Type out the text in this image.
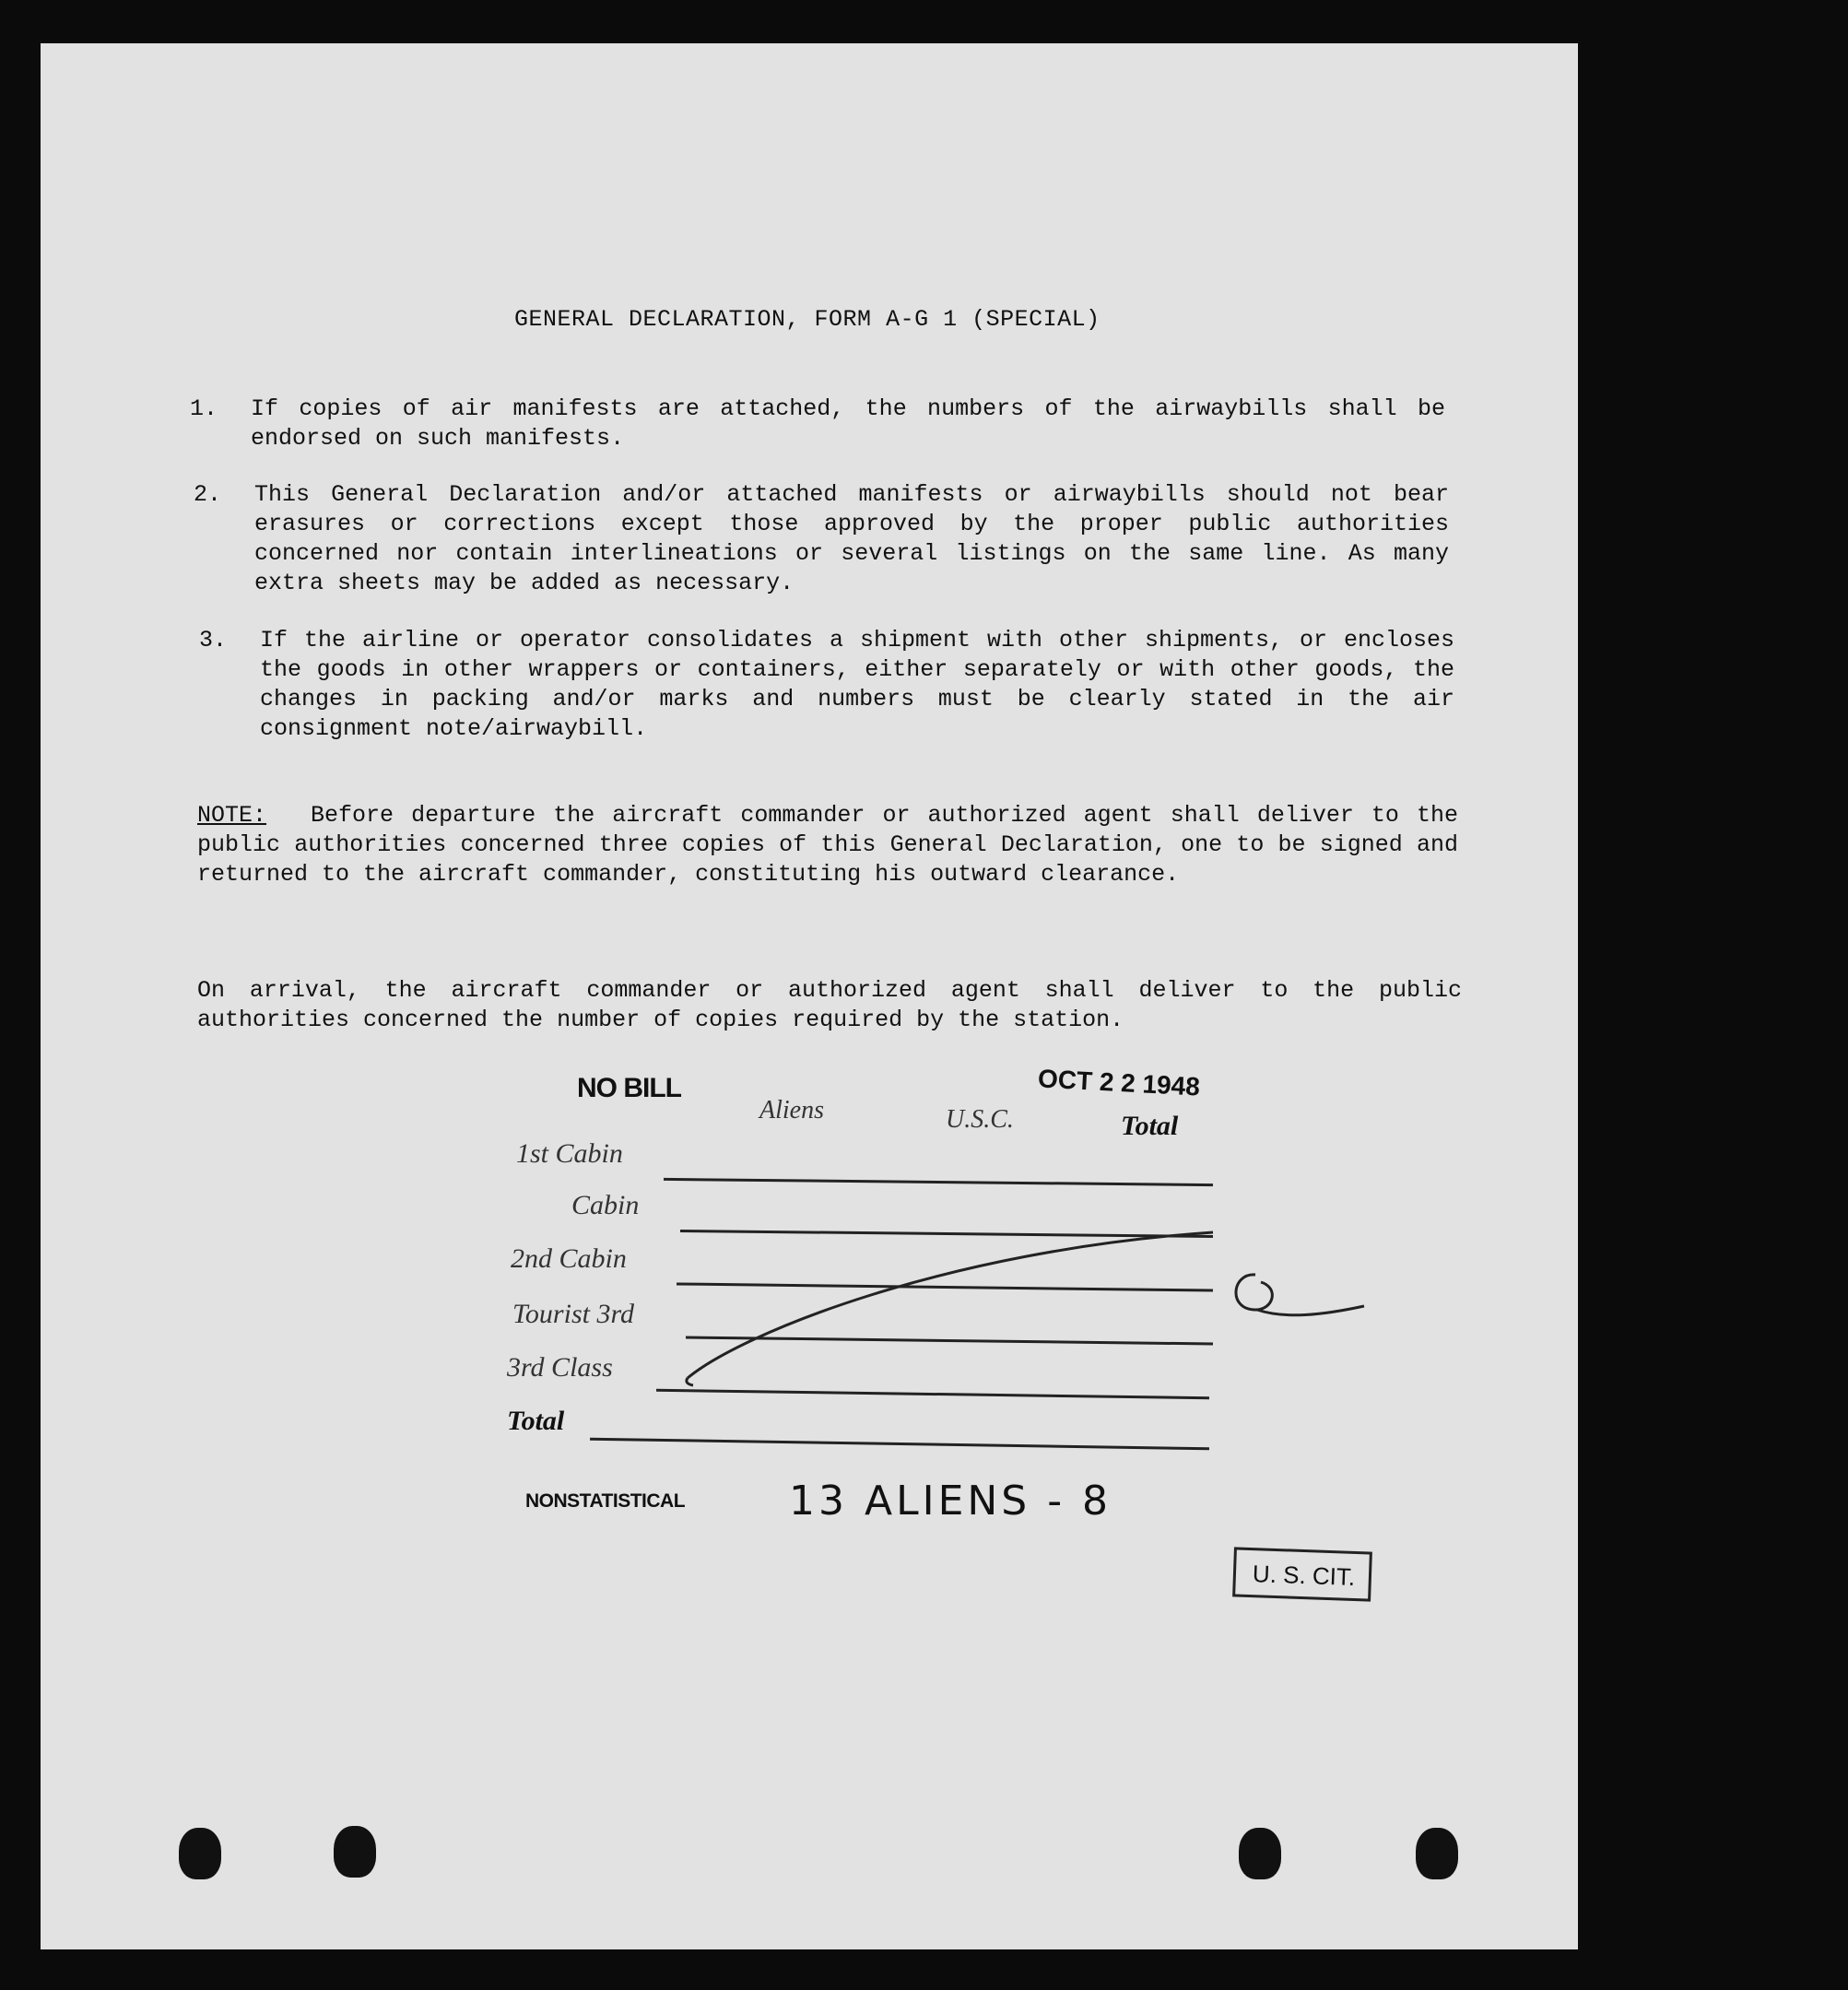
GENERAL DECLARATION, FORM A-G 1 (SPECIAL)
1. If copies of air manifests are attached, the numbers of the airwaybills shall be endorsed on such manifests.
2. This General Declaration and/or attached manifests or airwaybills should not bear erasures or corrections except those approved by the proper public authorities concerned nor contain interlineations or several listings on the same line. As many extra sheets may be added as necessary.
3. If the airline or operator consolidates a shipment with other shipments, or encloses the goods in other wrappers or containers, either separately or with other goods, the changes in packing and/or marks and numbers must be clearly stated in the air consignment note/airwaybill.
NOTE: Before departure the aircraft commander or authorized agent shall deliver to the public authorities concerned three copies of this General Declaration, one to be signed and returned to the aircraft commander, constituting his outward clearance.
On arrival, the aircraft commander or authorized agent shall deliver to the public authorities concerned the number of copies required by the station.
NO BILL	OCT 2 2 1948
Aliens	U.S.C.	Total
1st Cabin
Cabin
2nd Cabin
Tourist 3rd
3rd Class
Total
NONSTATISTICAL	13 ALIENS - 8
U. S. CIT.
